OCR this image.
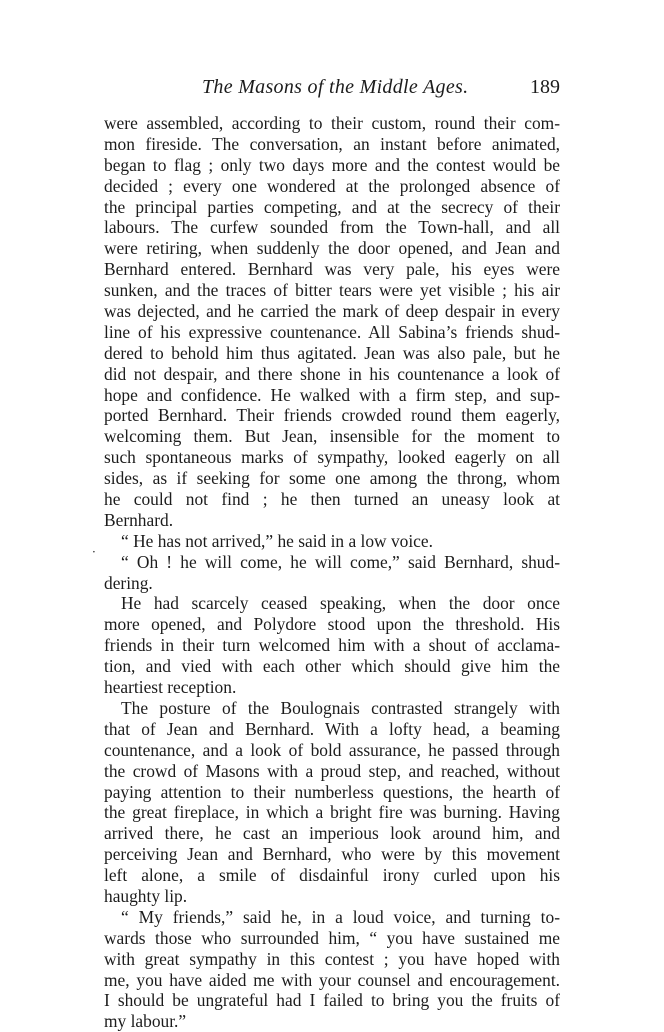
The Masons of the Middle Ages.	189
·
were assembled, according to their custom, round their com-
mon fireside. The conversation, an instant before animated,
began to flag ; only two days more and the contest would be
decided ; every one wondered at the prolonged absence of
the principal parties competing, and at the secrecy of their
labours. The curfew sounded from the Town-hall, and all
were retiring, when suddenly the door opened, and Jean and
Bernhard entered. Bernhard was very pale, his eyes were
sunken, and the traces of bitter tears were yet visible ; his air
was dejected, and he carried the mark of deep despair in every
line of his expressive countenance. All Sabina’s friends shud-
dered to behold him thus agitated. Jean was also pale, but he
did not despair, and there shone in his countenance a look of
hope and confidence. He walked with a firm step, and sup-
ported Bernhard. Their friends crowded round them eagerly,
welcoming them. But Jean, insensible for the moment to
such spontaneous marks of sympathy, looked eagerly on all
sides, as if seeking for some one among the throng, whom
he could not find ; he then turned an uneasy look at
Bernhard.
“ He has not arrived,” he said in a low voice.
“ Oh ! he will come, he will come,” said Bernhard, shud-
dering.
He had scarcely ceased speaking, when the door once
more opened, and Polydore stood upon the threshold. His
friends in their turn welcomed him with a shout of acclama-
tion, and vied with each other which should give him the
heartiest reception.
The posture of the Boulognais contrasted strangely with
that of Jean and Bernhard. With a lofty head, a beaming
countenance, and a look of bold assurance, he passed through
the crowd of Masons with a proud step, and reached, without
paying attention to their numberless questions, the hearth of
the great fireplace, in which a bright fire was burning. Having
arrived there, he cast an imperious look around him, and
perceiving Jean and Bernhard, who were by this movement
left alone, a smile of disdainful irony curled upon his
haughty lip.
“ My friends,” said he, in a loud voice, and turning to-
wards those who surrounded him, “ you have sustained me
with great sympathy in this contest ; you have hoped with
me, you have aided me with your counsel and encouragement.
I should be ungrateful had I failed to bring you the fruits of
my labour.”
